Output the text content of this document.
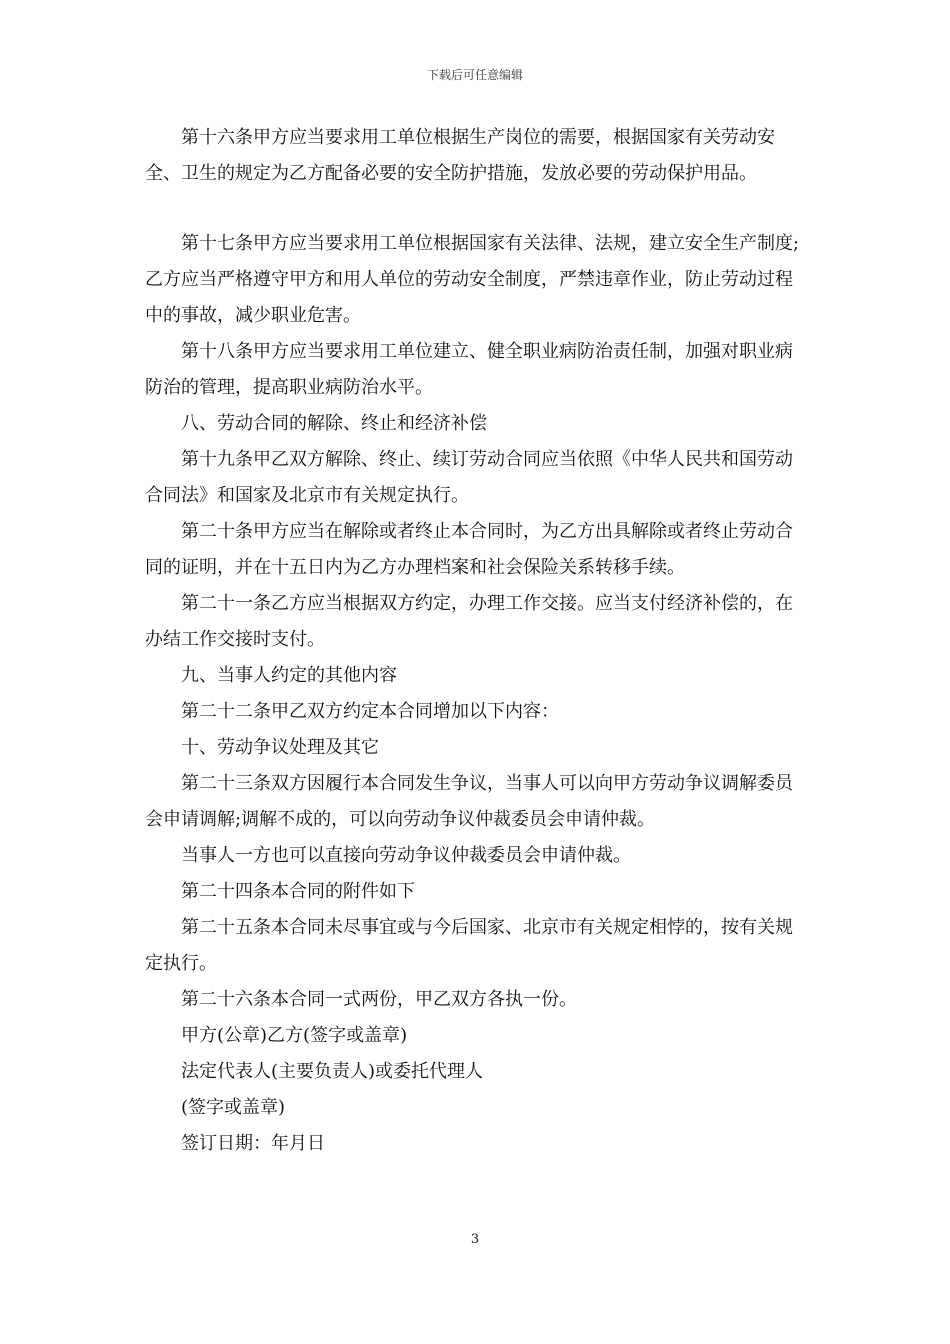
下载后可任意编辑

第十六条甲方应当要求用工单位根据生产岗位的需要，根据国家有关劳动安全、卫生的规定为乙方配备必要的安全防护措施，发放必要的劳动保护用品。

第十七条甲方应当要求用工单位根据国家有关法律、法规，建立安全生产制度;乙方应当严格遵守甲方和用人单位的劳动安全制度，严禁违章作业，防止劳动过程中的事故，减少职业危害。

第十八条甲方应当要求用工单位建立、健全职业病防治责任制，加强对职业病防治的管理，提高职业病防治水平。

八、劳动合同的解除、终止和经济补偿

第十九条甲乙双方解除、终止、续订劳动合同应当依照《中华人民共和国劳动合同法》和国家及北京市有关规定执行。

第二十条甲方应当在解除或者终止本合同时，为乙方出具解除或者终止劳动合同的证明，并在十五日内为乙方办理档案和社会保险关系转移手续。

第二十一条乙方应当根据双方约定，办理工作交接。应当支付经济补偿的，在办结工作交接时支付。

九、当事人约定的其他内容

第二十二条甲乙双方约定本合同增加以下内容：

十、劳动争议处理及其它

第二十三条双方因履行本合同发生争议，当事人可以向甲方劳动争议调解委员会申请调解;调解不成的，可以向劳动争议仲裁委员会申请仲裁。

当事人一方也可以直接向劳动争议仲裁委员会申请仲裁。

第二十四条本合同的附件如下

第二十五条本合同未尽事宜或与今后国家、北京市有关规定相悖的，按有关规定执行。

第二十六条本合同一式两份，甲乙双方各执一份。

甲方(公章)乙方(签字或盖章)

法定代表人(主要负责人)或委托代理人

(签字或盖章)

签订日期：年月日

3
